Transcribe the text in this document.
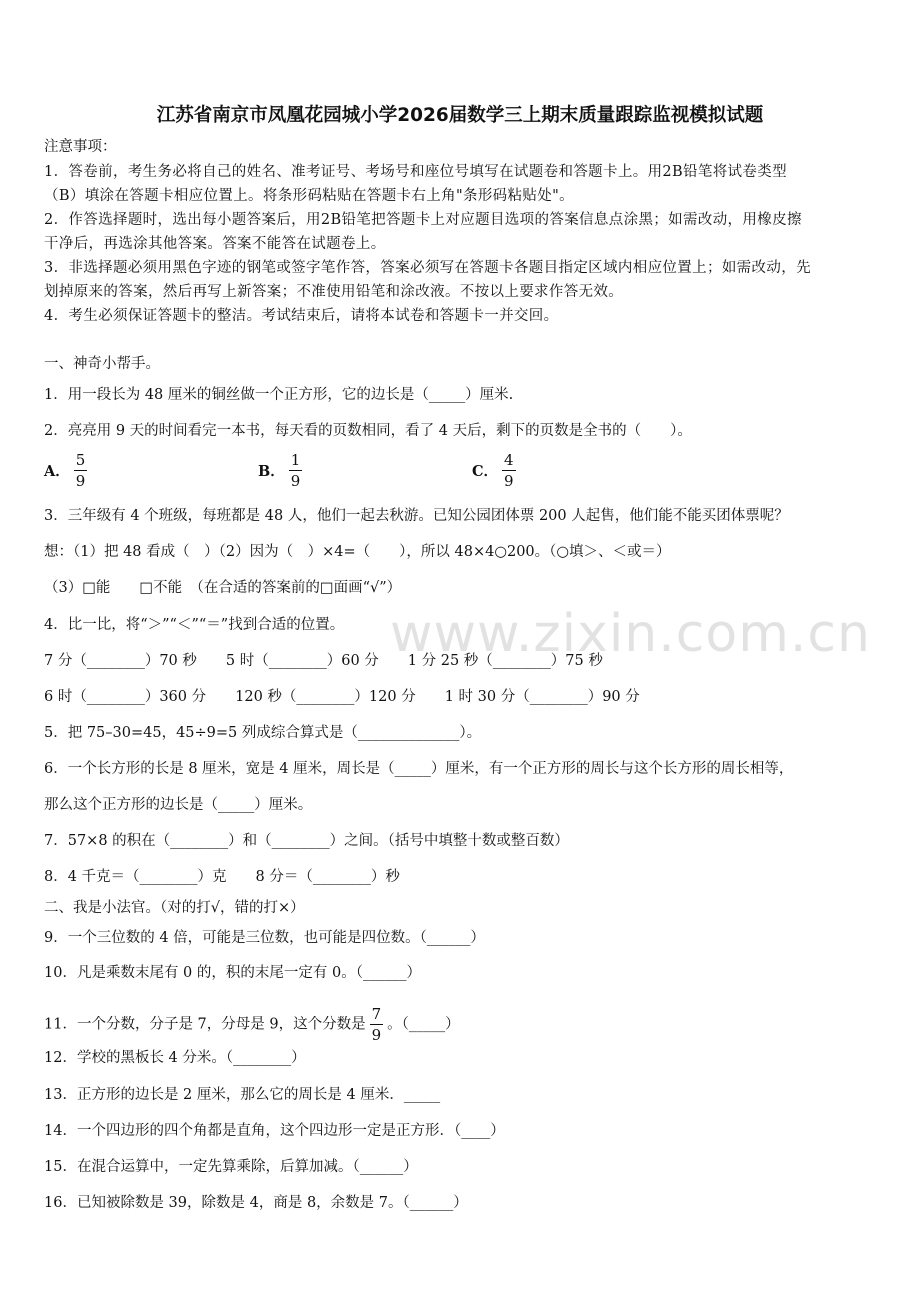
江苏省南京市凤凰花园城小学2026届数学三上期末质量跟踪监视模拟试题
www.zixin.com.cn
注意事项：
1．答卷前，考生务必将自己的姓名、准考证号、考场号和座位号填写在试题卷和答题卡上。用2B铅笔将试卷类型
（B）填涂在答题卡相应位置上。将条形码粘贴在答题卡右上角"条形码粘贴处"。
2．作答选择题时，选出每小题答案后，用2B铅笔把答题卡上对应题目选项的答案信息点涂黑；如需改动，用橡皮擦
干净后，再选涂其他答案。答案不能答在试题卷上。
3．非选择题必须用黑色字迹的钢笔或签字笔作答，答案必须写在答题卡各题目指定区域内相应位置上；如需改动，先
划掉原来的答案，然后再写上新答案；不准使用铅笔和涂改液。不按以上要求作答无效。
4．考生必须保证答题卡的整洁。考试结束后，请将本试卷和答题卡一并交回。
一、神奇小帮手。
1．用一段长为 48 厘米的铜丝做一个正方形，它的边长是（_____）厘米.
2．亮亮用 9 天的时间看完一本书，每天看的页数相同，看了 4 天后，剩下的页数是全书的（　　）。
A． $\frac{5}{9}$	B． $\frac{1}{9}$	C． $\frac{4}{9}$
3．三年级有 4 个班级，每班都是 48 人，他们一起去秋游。已知公园团体票 200 人起售，他们能不能买团体票呢？
想：（1）把 48 看成（　）（2）因为（　）×4=（　　），所以 48×4○200。（○填＞、＜或＝）
（3）□能　　□不能　（在合适的答案前的□面画“√”）
4．比一比，将“＞”“＜”“＝”找到合适的位置。
7 分（________）70 秒　　5 时（________）60 分　　1 分 25 秒（________）75 秒
6 时（________）360 分　　120 秒（________）120 分　　1 时 30 分（________）90 分
5．把 75–30=45，45÷9=5 列成综合算式是（______________）。
6．一个长方形的长是 8 厘米，宽是 4 厘米，周长是（_____）厘米，有一个正方形的周长与这个长方形的周长相等，
那么这个正方形的边长是（_____）厘米。
7．57×8 的积在（________）和（________）之间。（括号中填整十数或整百数）
8．4 千克＝（________）克　　8 分＝（________）秒
二、我是小法官。（对的打√，错的打×）
9．一个三位数的 4 倍，可能是三位数，也可能是四位数。（______）
10．凡是乘数末尾有 0 的，积的末尾一定有 0。（______）
11．一个分数，分子是 7，分母是 9，这个分数是 $\frac{7}{9}$ 。（_____）
12．学校的黑板长 4 分米。（________）
13．正方形的边长是 2 厘米，那么它的周长是 4 厘米．_____
14．一个四边形的四个角都是直角，这个四边形一定是正方形．（____）
15．在混合运算中，一定先算乘除，后算加减。（______）
16．已知被除数是 39，除数是 4，商是 8，余数是 7。（______）
